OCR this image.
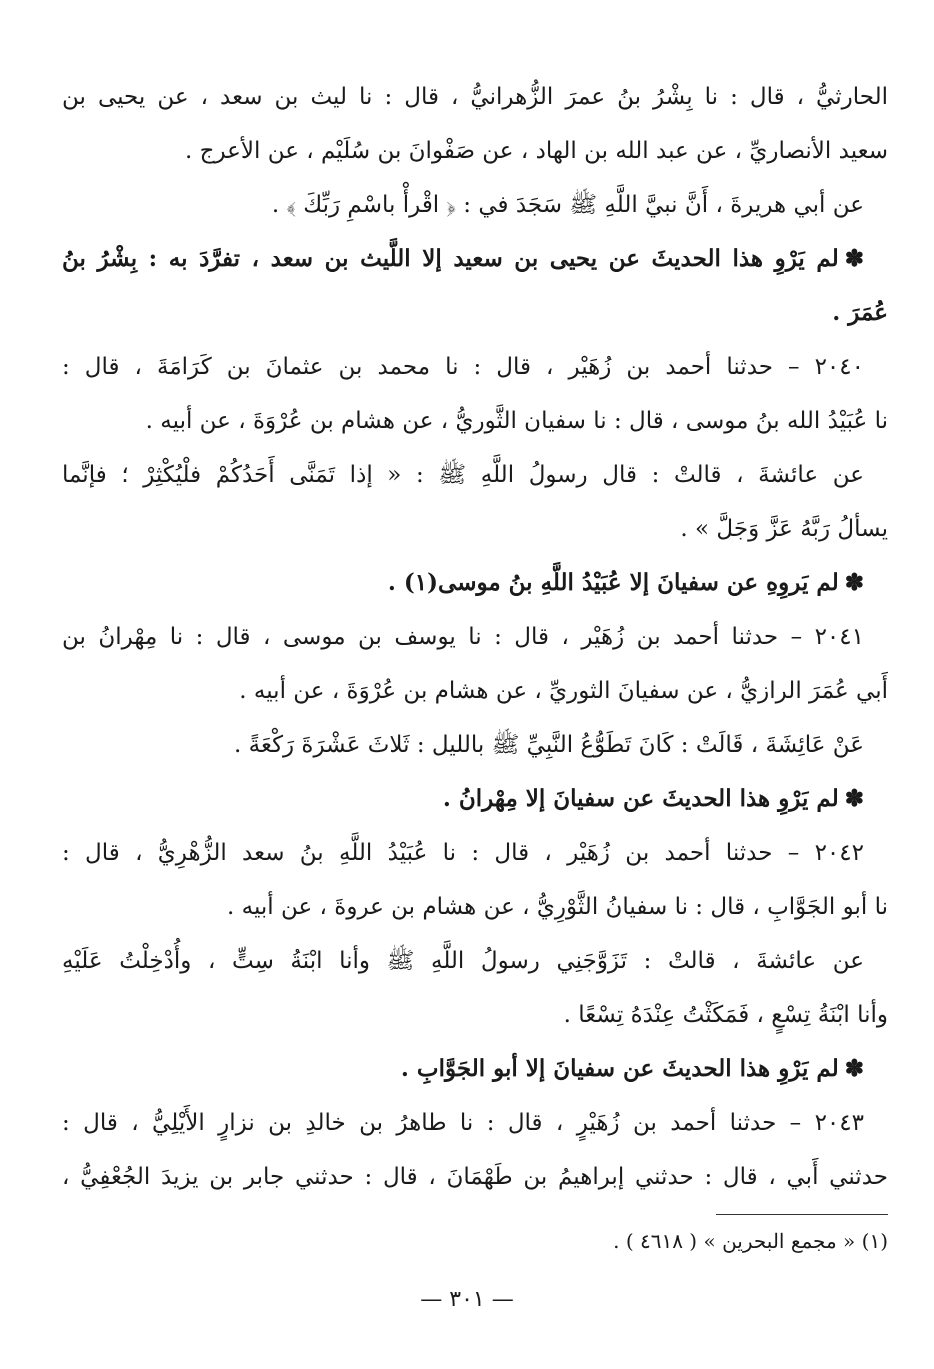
الحارثيُّ ، قال : نا بِشْرُ بنُ عمرَ الزُّهرانيُّ ، قال : نا ليث بن سعد ، عن يحيى بن
سعيد الأنصاريِّ ، عن عبد الله بن الهاد ، عن صَفْوانَ بن سُلَيْم ، عن الأعرج .
عن أبي هريرةَ ، أَنَّ نبيَّ اللَّهِ ﷺ سَجَدَ في : ﴿ اقْرأْ باسْمِ رَبِّكَ ﴾ .
✽لم يَرْوِ هذا الحديثَ عن يحيى بن سعيد إلا اللَّيث بن سعد ، تفرَّدَ به : بِشْرُ بنُ
عُمَرَ .
٢٠٤٠ – حدثنا أحمد بن زُهَيْر ، قال : نا محمد بن عثمانَ بن كَرَامَةَ ، قال :
نا عُبَيْدُ الله بنُ موسى ، قال : نا سفيان الثَّوريُّ ، عن هشام بن عُرْوَةَ ، عن أبيه .
عن عائشةَ ، قالتْ : قال رسولُ اللَّهِ ﷺ : « إذا تَمَنَّى أَحَدُكُمْ فلْيُكْثِرْ ؛ فإنَّما
يسألُ رَبَّهُ عَزَّ وَجَلَّ » .
✽لم يَروِهِ عن سفيانَ إلا عُبَيْدُ اللَّهِ بنُ موسى(١) .
٢٠٤١ – حدثنا أحمد بن زُهَيْر ، قال : نا يوسف بن موسى ، قال : نا مِهْرانُ بن
أَبي عُمَرَ الرازيُّ ، عن سفيانَ الثوريِّ ، عن هشام بن عُرْوَةَ ، عن أبيه .
عَنْ عَائِشَةَ ، قَالَتْ : كَانَ تَطَوُّعُ النَّبِيِّ ﷺ بالليل : ثَلاثَ عَشْرَةَ رَكْعَةً .
✽لم يَرْوِ هذا الحديثَ عن سفيانَ إلا مِهْرانُ .
٢٠٤٢ – حدثنا أحمد بن زُهَيْر ، قال : نا عُبَيْدُ اللَّهِ بنُ سعد الزُّهْرِيُّ ، قال :
نا أبو الجَوَّابِ ، قال : نا سفيانُ الثَّوْرِيُّ ، عن هشام بن عروةَ ، عن أبيه .
عن عائشةَ ، قالتْ : تَزَوَّجَنِي رسولُ اللَّهِ ﷺ وأنا ابْنَةُ سِتٍّ ، وأُدْخِلْتُ عَلَيْهِ
وأنا ابْنَةُ تِسْعٍ ، فَمَكَثْتُ عِنْدَهُ تِسْعًا .
✽لم يَرْوِ هذا الحديثَ عن سفيانَ إلا أبو الجَوَّابِ .
٢٠٤٣ – حدثنا أحمد بن زُهَيْرٍ ، قال : نا طاهرُ بن خالدِ بن نزارٍ الأَيْلِيُّ ، قال :
حدثني أَبي ، قال : حدثني إبراهيمُ بن طَهْمَانَ ، قال : حدثني جابر بن يزيدَ الجُعْفِيُّ ،
(١) « مجمع البحرين » ( ٤٦١٨ ) .
— ٣٠١ —
